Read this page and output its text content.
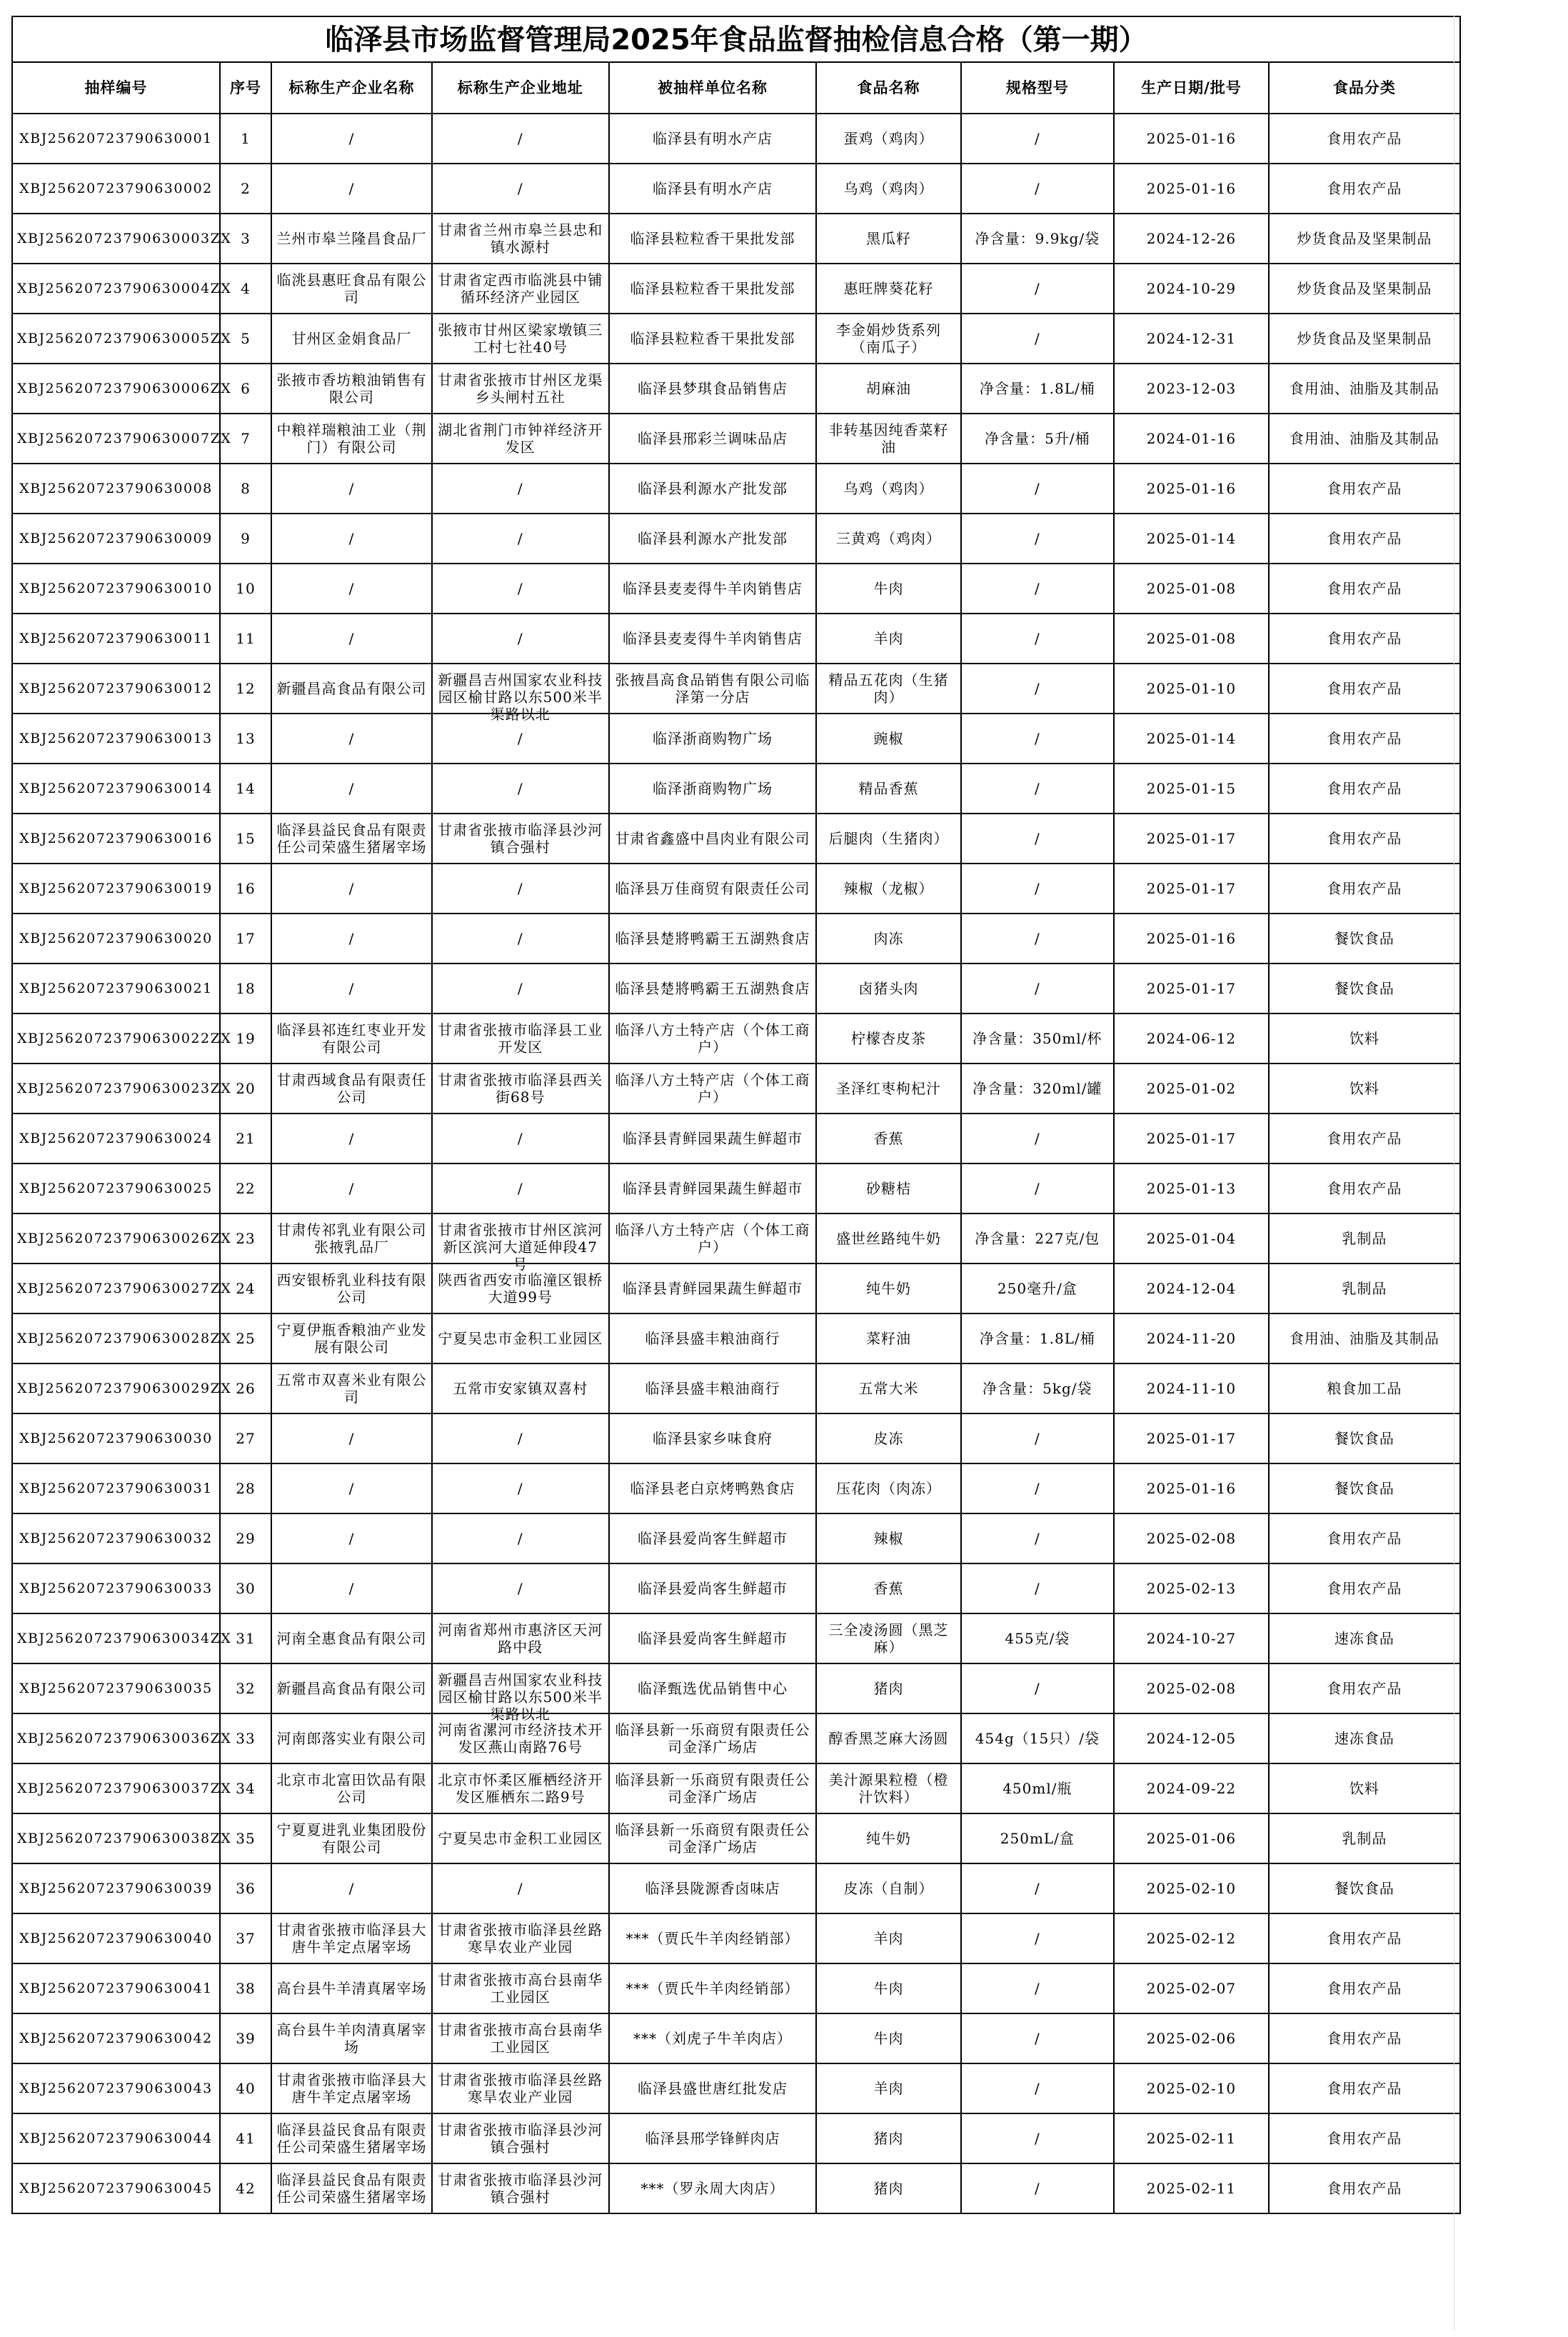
临泽县市场监督管理局2025年食品监督抽检信息合格（第一期）
抽样编号	序号	标称生产企业名称	标称生产企业地址	被抽样单位名称	食品名称	规格型号	生产日期/批号	食品分类

XBJ25620723790630001	1	/	/	临泽县有明水产店	蛋鸡（鸡肉）	/	2025-01-16	食用农产品

XBJ25620723790630002	2	/	/	临泽县有明水产店	乌鸡（鸡肉）	/	2025-01-16	食用农产品

XBJ25620723790630003ZX	3	兰州市皋兰隆昌食品厂	甘肃省兰州市皋兰县忠和镇水源村	临泽县粒粒香干果批发部	黑瓜籽	净含量：9.9kg/袋	2024-12-26	炒货食品及坚果制品

XBJ25620723790630004ZX	4	临洮县惠旺食品有限公司	甘肃省定西市临洮县中铺循环经济产业园区	临泽县粒粒香干果批发部	惠旺牌葵花籽	/	2024-10-29	炒货食品及坚果制品

XBJ25620723790630005ZX	5	甘州区金娟食品厂	张掖市甘州区梁家墩镇三工村七社40号	临泽县粒粒香干果批发部	李金娟炒货系列（南瓜子）	/	2024-12-31	炒货食品及坚果制品

XBJ25620723790630006ZX	6	张掖市香坊粮油销售有限公司	甘肃省张掖市甘州区龙渠乡头闸村五社	临泽县梦琪食品销售店	胡麻油	净含量：1.8L/桶	2023-12-03	食用油、油脂及其制品

XBJ25620723790630007ZX	7	中粮祥瑞粮油工业（荆门）有限公司	湖北省荆门市钟祥经济开发区	临泽县邢彩兰调味品店	非转基因纯香菜籽油	净含量：5升/桶	2024-01-16	食用油、油脂及其制品

XBJ25620723790630008	8	/	/	临泽县利源水产批发部	乌鸡（鸡肉）	/	2025-01-16	食用农产品

XBJ25620723790630009	9	/	/	临泽县利源水产批发部	三黄鸡（鸡肉）	/	2025-01-14	食用农产品

XBJ25620723790630010	10	/	/	临泽县麦麦得牛羊肉销售店	牛肉	/	2025-01-08	食用农产品

XBJ25620723790630011	11	/	/	临泽县麦麦得牛羊肉销售店	羊肉	/	2025-01-08	食用农产品

XBJ25620723790630012	12	新疆昌高食品有限公司	新疆昌吉州国家农业科技园区榆甘路以东500米半渠路以北	张掖昌高食品销售有限公司临泽第一分店	精品五花肉（生猪肉）	/	2025-01-10	食用农产品

XBJ25620723790630013	13	/	/	临泽浙商购物广场	豌椒	/	2025-01-14	食用农产品

XBJ25620723790630014	14	/	/	临泽浙商购物广场	精品香蕉	/	2025-01-15	食用农产品

XBJ25620723790630016	15	临泽县益民食品有限责任公司荣盛生猪屠宰场	甘肃省张掖市临泽县沙河镇合强村	甘肃省鑫盛中昌肉业有限公司	后腿肉（生猪肉）	/	2025-01-17	食用农产品

XBJ25620723790630019	16	/	/	临泽县万佳商贸有限责任公司	辣椒（龙椒）	/	2025-01-17	食用农产品

XBJ25620723790630020	17	/	/	临泽县楚將鸭霸王五湖熟食店	肉冻	/	2025-01-16	餐饮食品

XBJ25620723790630021	18	/	/	临泽县楚將鸭霸王五湖熟食店	卤猪头肉	/	2025-01-17	餐饮食品

XBJ25620723790630022ZX	19	临泽县祁连红枣业开发有限公司	甘肃省张掖市临泽县工业开发区	临泽八方土特产店（个体工商户）	柠檬杏皮茶	净含量：350ml/杯	2024-06-12	饮料

XBJ25620723790630023ZX	20	甘肃西域食品有限责任公司	甘肃省张掖市临泽县西关街68号	临泽八方土特产店（个体工商户）	圣泽红枣枸杞汁	净含量：320ml/罐	2025-01-02	饮料

XBJ25620723790630024	21	/	/	临泽县青鲜园果蔬生鲜超市	香蕉	/	2025-01-17	食用农产品

XBJ25620723790630025	22	/	/	临泽县青鲜园果蔬生鲜超市	砂糖桔	/	2025-01-13	食用农产品

XBJ25620723790630026ZX	23	甘肃传祁乳业有限公司张掖乳品厂	甘肃省张掖市甘州区滨河新区滨河大道延伸段47号	临泽八方土特产店（个体工商户）	盛世丝路纯牛奶	净含量：227克/包	2025-01-04	乳制品

XBJ25620723790630027ZX	24	西安银桥乳业科技有限公司	陕西省西安市临潼区银桥大道99号	临泽县青鲜园果蔬生鲜超市	纯牛奶	250毫升/盒	2024-12-04	乳制品

XBJ25620723790630028ZX	25	宁夏伊瓶香粮油产业发展有限公司	宁夏吴忠市金积工业园区	临泽县盛丰粮油商行	菜籽油	净含量：1.8L/桶	2024-11-20	食用油、油脂及其制品

XBJ25620723790630029ZX	26	五常市双喜米业有限公司	五常市安家镇双喜村	临泽县盛丰粮油商行	五常大米	净含量：5kg/袋	2024-11-10	粮食加工品

XBJ25620723790630030	27	/	/	临泽县家乡味食府	皮冻	/	2025-01-17	餐饮食品

XBJ25620723790630031	28	/	/	临泽县老白京烤鸭熟食店	压花肉（肉冻）	/	2025-01-16	餐饮食品

XBJ25620723790630032	29	/	/	临泽县爱尚客生鲜超市	辣椒	/	2025-02-08	食用农产品

XBJ25620723790630033	30	/	/	临泽县爱尚客生鲜超市	香蕉	/	2025-02-13	食用农产品

XBJ25620723790630034ZX	31	河南全惠食品有限公司	河南省郑州市惠济区天河路中段	临泽县爱尚客生鲜超市	三全凌汤圆（黑芝麻）	455克/袋	2024-10-27	速冻食品

XBJ25620723790630035	32	新疆昌高食品有限公司	新疆昌吉州国家农业科技园区榆甘路以东500米半渠路以北	临泽甄选优品销售中心	猪肉	/	2025-02-08	食用农产品

XBJ25620723790630036ZX	33	河南郎落实业有限公司	河南省漯河市经济技术开发区燕山南路76号	临泽县新一乐商贸有限责任公司金泽广场店	醇香黑芝麻大汤圆	454g（15只）/袋	2024-12-05	速冻食品

XBJ25620723790630037ZX	34	北京市北富田饮品有限公司	北京市怀柔区雁栖经济开发区雁栖东二路9号	临泽县新一乐商贸有限责任公司金泽广场店	美汁源果粒橙（橙汁饮料）	450ml/瓶	2024-09-22	饮料

XBJ25620723790630038ZX	35	宁夏夏进乳业集团股份有限公司	宁夏吴忠市金积工业园区	临泽县新一乐商贸有限责任公司金泽广场店	纯牛奶	250mL/盒	2025-01-06	乳制品

XBJ25620723790630039	36	/	/	临泽县陇源香卤味店	皮冻（自制）	/	2025-02-10	餐饮食品

XBJ25620723790630040	37	甘肃省张掖市临泽县大唐牛羊定点屠宰场	甘肃省张掖市临泽县丝路寒旱农业产业园	***（贾氏牛羊肉经销部）	羊肉	/	2025-02-12	食用农产品

XBJ25620723790630041	38	高台县牛羊清真屠宰场	甘肃省张掖市高台县南华工业园区	***（贾氏牛羊肉经销部）	牛肉	/	2025-02-07	食用农产品

XBJ25620723790630042	39	高台县牛羊肉清真屠宰场	甘肃省张掖市高台县南华工业园区	***（刘虎子牛羊肉店）	牛肉	/	2025-02-06	食用农产品

XBJ25620723790630043	40	甘肃省张掖市临泽县大唐牛羊定点屠宰场	甘肃省张掖市临泽县丝路寒旱农业产业园	临泽县盛世唐红批发店	羊肉	/	2025-02-10	食用农产品

XBJ25620723790630044	41	临泽县益民食品有限责任公司荣盛生猪屠宰场	甘肃省张掖市临泽县沙河镇合强村	临泽县邢学锋鲜肉店	猪肉	/	2025-02-11	食用农产品

XBJ25620723790630045	42	临泽县益民食品有限责任公司荣盛生猪屠宰场	甘肃省张掖市临泽县沙河镇合强村	***（罗永周大肉店）	猪肉	/	2025-02-11	食用农产品
